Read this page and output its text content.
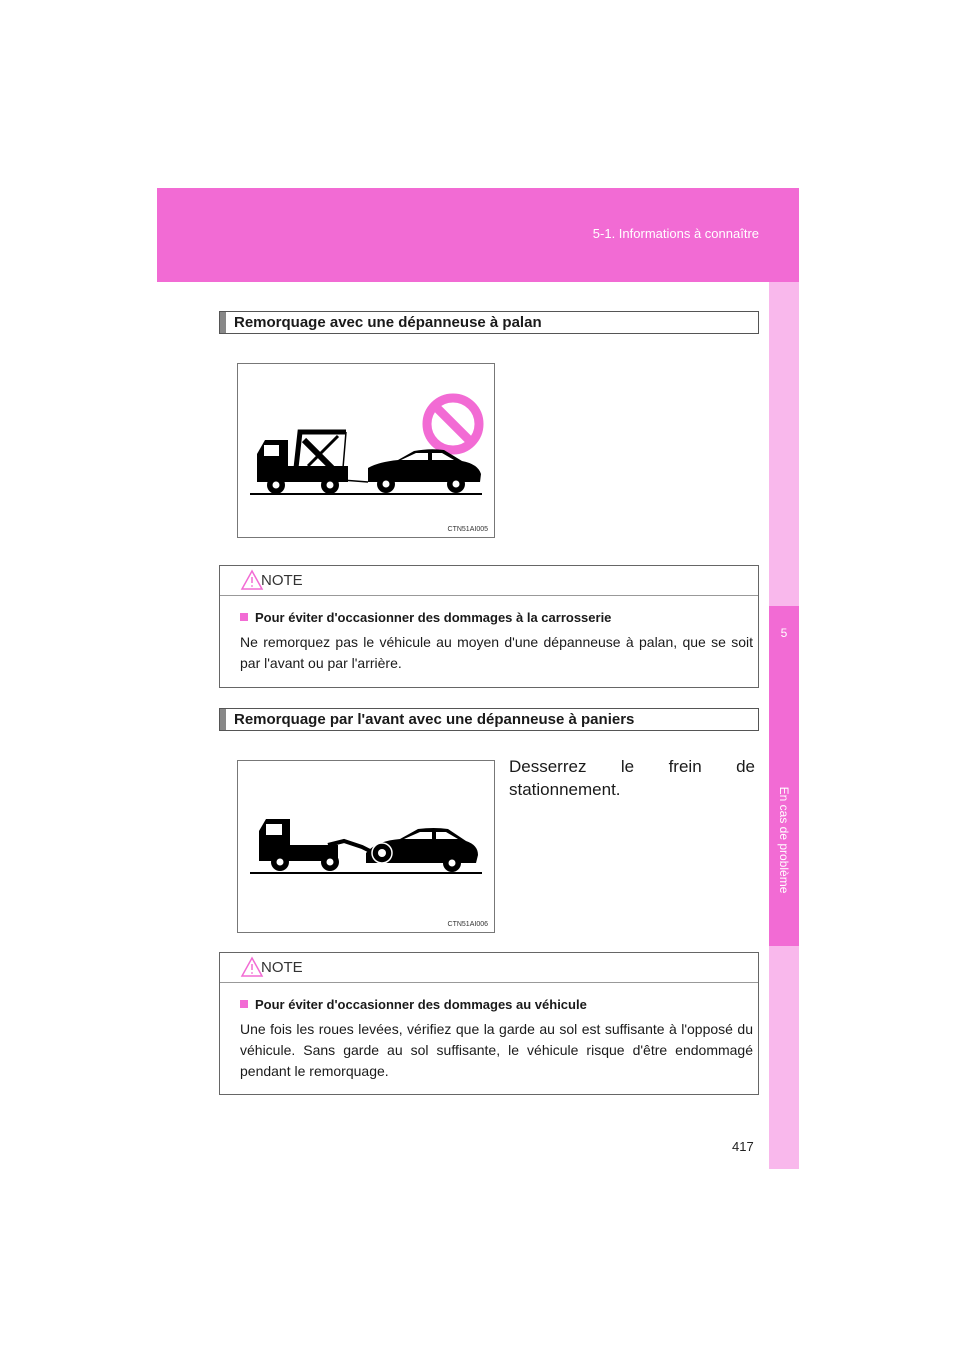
5-1. Informations à connaître
5
En cas de problème
Remorquage avec une dépanneuse à palan
CTN51AI005
NOTE
Pour éviter d'occasionner des dommages à la carrosserie
Ne remorquez pas le véhicule au moyen d'une dépanneuse à palan, que se soit par l'avant ou par l'arrière.
Remorquage par l'avant avec une dépanneuse à paniers
CTN51AI006
Desserrez le frein de
stationnement.
NOTE
Pour éviter d'occasionner des dommages au véhicule
Une fois les roues levées, vérifiez que la garde au sol est suffisante à l'opposé du véhicule. Sans garde au sol suffisante, le véhicule risque d'être endommagé pendant le remorquage.
417
